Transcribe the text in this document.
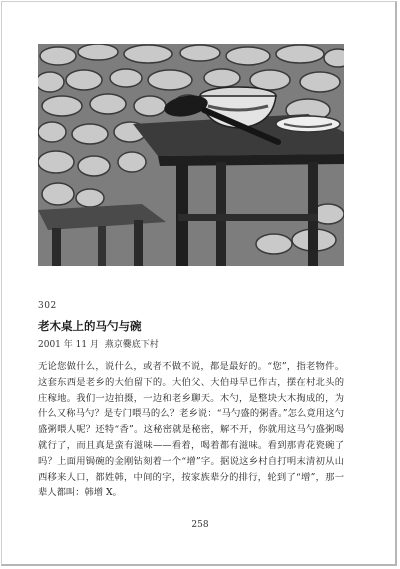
302
老木桌上的马勺与碗
2001 年 11 月 燕京爨底下村

无论您做什么，说什么，或者不做不说，都是最好的。“您”，指老物件。这套东西是老乡的大伯留下的。大伯父、大伯母早已作古，摆在村北头的庄稼地。我们一边拍摄，一边和老乡聊天。木勺，是整块大木掏成的，为什么又称马勺？是专门喂马的么？老乡说：“马勺盛的粥香。”怎么竟用这勺盛粥喂人呢？还特“香”。这秘密就是秘密，解不开，你就用这马勺盛粥喝就行了，而且真是蛮有滋味——看着，喝着都有滋味。看到那青花瓷碗了吗？上面用锔碗的金刚钻刻着一个“增”字。据说这乡村自打明末清初从山西移来人口，都姓韩，中间的字，按家族辈分的排行，轮到了“增”，那一辈人都叫：韩增 X。

258
